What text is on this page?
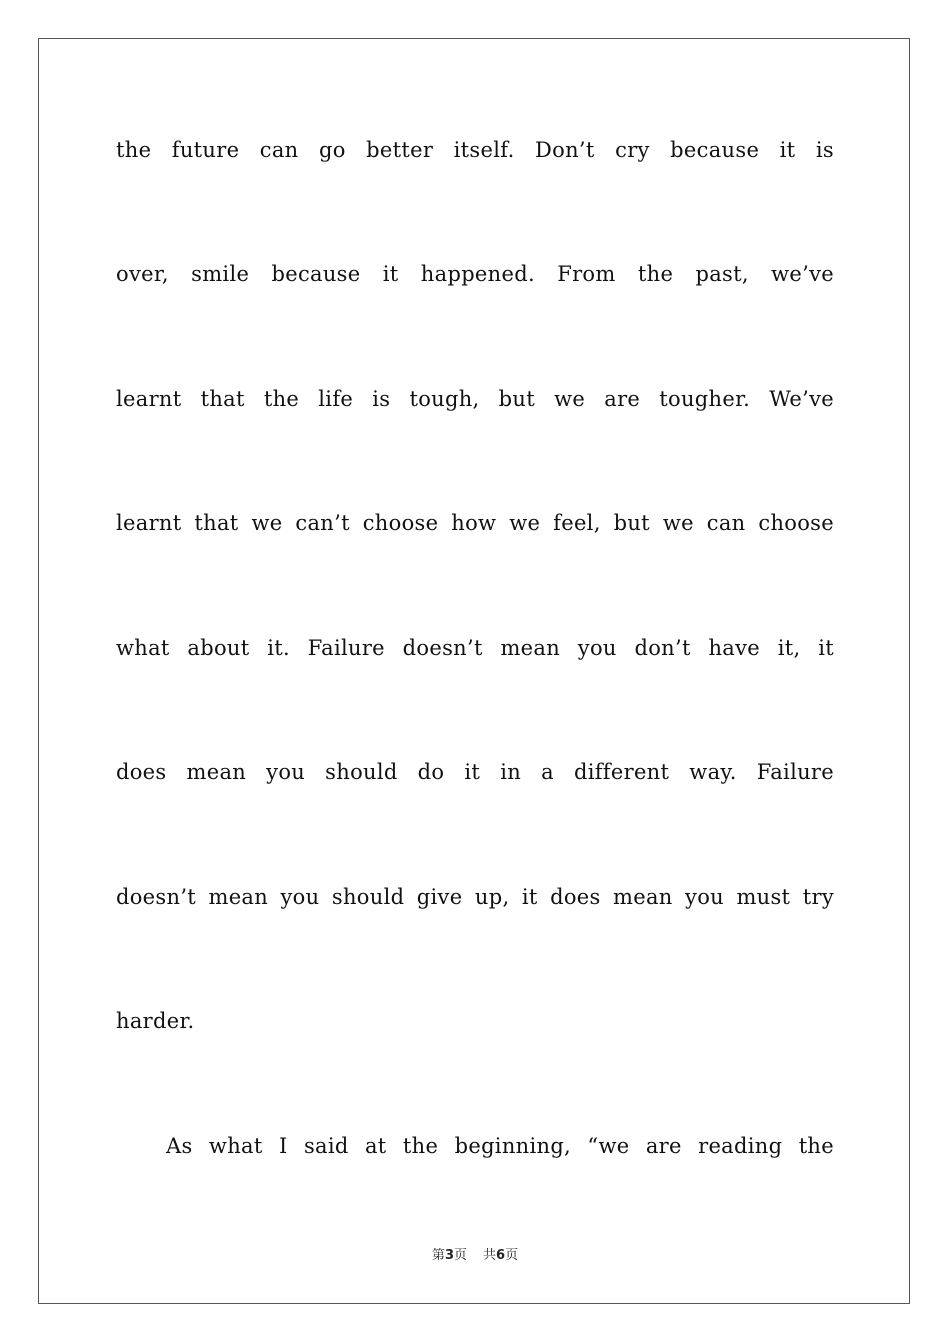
the future can go better itself. Don’t cry because it is
over, smile because it happened. From the past, we’ve
learnt that the life is tough, but we are tougher. We’ve
learnt that we can’t choose how we feel, but we can choose
what about it. Failure doesn’t mean you don’t have it, it
does mean you should do it in a different way. Failure
doesn’t mean you should give up, it does mean you must try
harder.
As what I said at the beginning, “we are reading the
第3页 共6页
